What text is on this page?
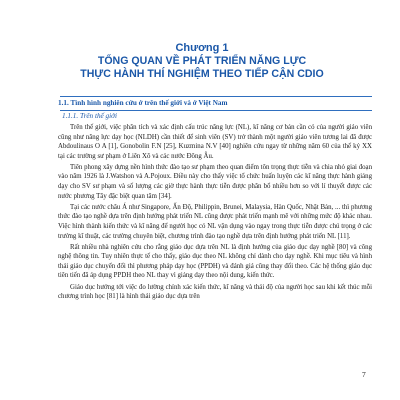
Chương 1
TỔNG QUAN VỀ PHÁT TRIỂN NĂNG LỰC
THỰC HÀNH THÍ NGHIỆM THEO TIẾP CẬN CDIO
1.1. Tình hình nghiên cứu ở trên thế giới và ở Việt Nam
1.1.1. Trên thế giới

Trên thế giới, việc phân tích và xác định cấu trúc năng lực (NL), kĩ năng cơ bản cần có của người giáo viên cũng như năng lực dạy học (NLDH) cần thiết để sinh viên (SV) trở thành một người giáo viên tương lai đã được Abdoulinaus O A [1], Gonobolin F.N [25], Kuzmina N.V [40] nghiên cứu ngay từ những năm 60 của thế kỷ XX tại các trường sư phạm ở Liên Xô và các nước Đông Âu.

Tiên phong xây dựng nền hình thức đào tạo sư phạm theo quan điểm tôn trọng thực tiễn và chia nhỏ giai đoạn vào năm 1926 là J.Watshon và A.Pojoux. Điều này cho thấy việc tổ chức huấn luyện các kĩ năng thực hành giảng dạy cho SV sư phạm và số lượng các giờ thực hành thực tiễn được phân bổ nhiều hơn so với lí thuyết được các nước phương Tây đặc biệt quan tâm [34].

Tại các nước châu Á như Singapore, Ấn Độ, Philippin, Brunei, Malaysia, Hàn Quốc, Nhật Bản, ... thì phương thức đào tạo nghề dựa trên định hướng phát triển NL cũng được phát triển mạnh mẽ với những mức độ khác nhau. Việc hình thành kiến thức và kĩ năng để người học có NL vận dụng vào ngay trong thực tiễn được chú trọng ở các trường kĩ thuật, các trường chuyên biệt, chương trình đào tạo nghề dựa trên định hướng phát triển NL [11].

Rất nhiều nhà nghiên cứu cho rằng giáo dục dựa trên NL là định hướng của giáo dục dạy nghề [80] và công nghệ thông tin. Tuy nhiên thực tế cho thấy, giáo dục theo NL không chỉ dành cho dạy nghề. Khi mục tiêu và hình thái giáo dục chuyển đổi thì phương pháp dạy học (PPDH) và đánh giá cũng thay đổi theo. Các hệ thống giáo dục tiên tiến đã áp dụng PPDH theo NL thay vì giảng dạy theo nội dung, kiến thức.

Giáo dục hướng tới việc đo lường chính xác kiến thức, kĩ năng và thái độ của người học sau khi kết thúc mỗi chương trình học [81] là hình thái giáo dục dựa trên

7
